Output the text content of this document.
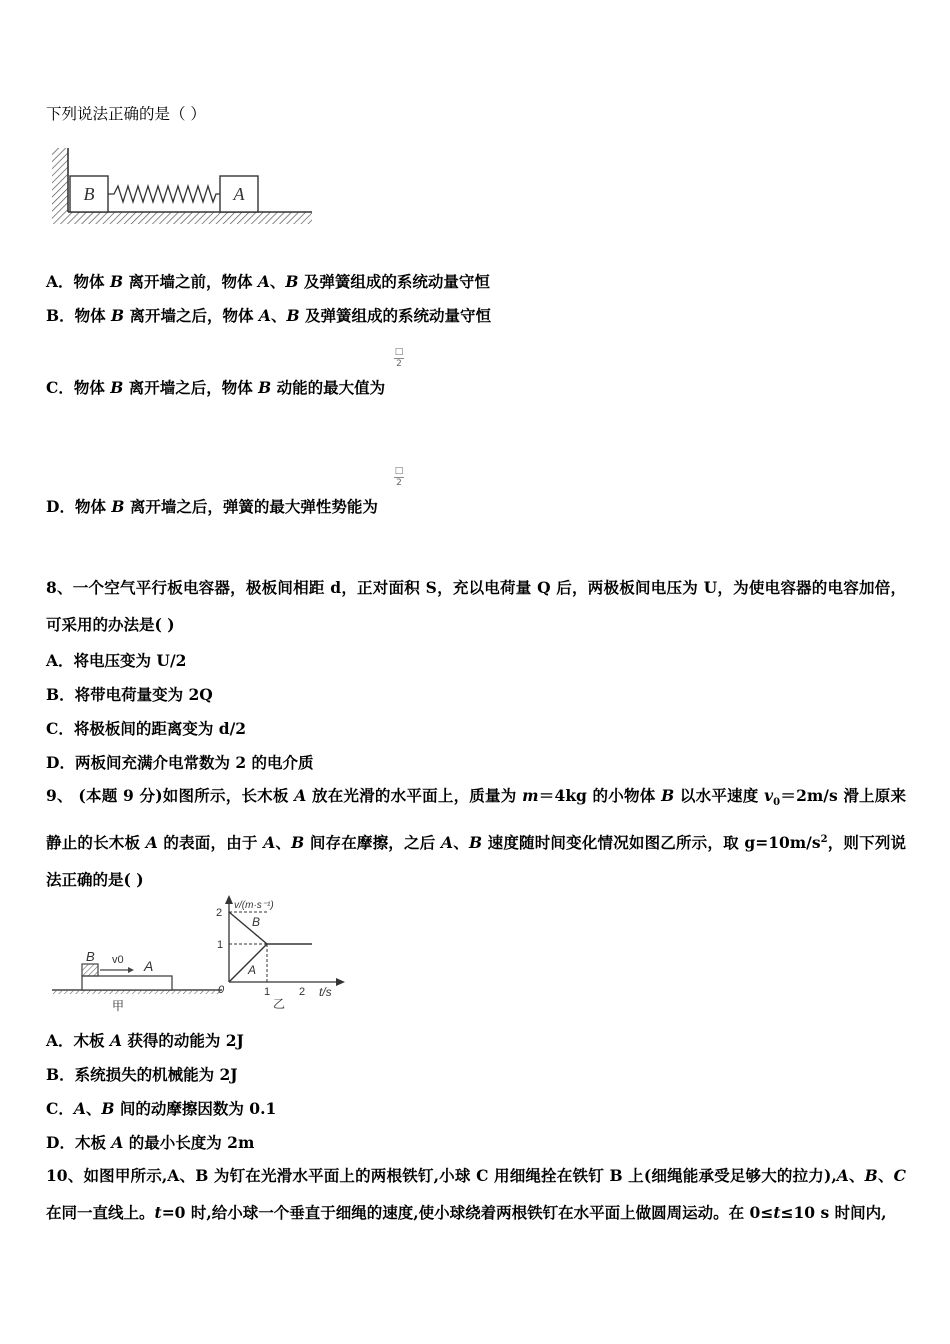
下列说法正确的是（ ）
B	A
A．物体 B 离开墙之前，物体 A、B 及弹簧组成的系统动量守恒
B．物体 B 离开墙之后，物体 A、B 及弹簧组成的系统动量守恒
□
2
C．物体 B 离开墙之后，物体 B 动能的最大值为
□
2
D．物体 B 离开墙之后，弹簧的最大弹性势能为
8、一个空气平行板电容器，极板间相距 d，正对面积 S，充以电荷量 Q 后，两极板间电压为 U，为使电容器的电容加倍，可采用的办法是( )
A．将电压变为 U/2
B．将带电荷量变为 2Q
C．将极板间的距离变为 d/2
D．两板间充满介电常数为 2 的电介质
9、 (本题 9 分)如图所示，长木板 A 放在光滑的水平面上，质量为 m＝4kg 的小物体 B 以水平速度 $v_0=2m/s$ 滑上原来静止的长木板 A 的表面，由于 A、B 间存在摩擦，之后 A、B 速度随时间变化情况如图乙所示，取 $g=10m/s^2$，则下列说法正确的是( )
B v0 A
甲
v/(m·s⁻¹)
2
1
0	1	2 t/s
B
A
乙
A．木板 A 获得的动能为 2J
B．系统损失的机械能为 2J
C．A、B 间的动摩擦因数为 0.1
D．木板 A 的最小长度为 2m
10、如图甲所示,A、B 为钉在光滑水平面上的两根铁钉,小球 C 用细绳拴在铁钉 B 上(细绳能承受足够大的拉力),A、B、C 在同一直线上。t=0 时,给小球一个垂直于细绳的速度,使小球绕着两根铁钉在水平面上做圆周运动。在 0≤t≤10 s 时间内,
